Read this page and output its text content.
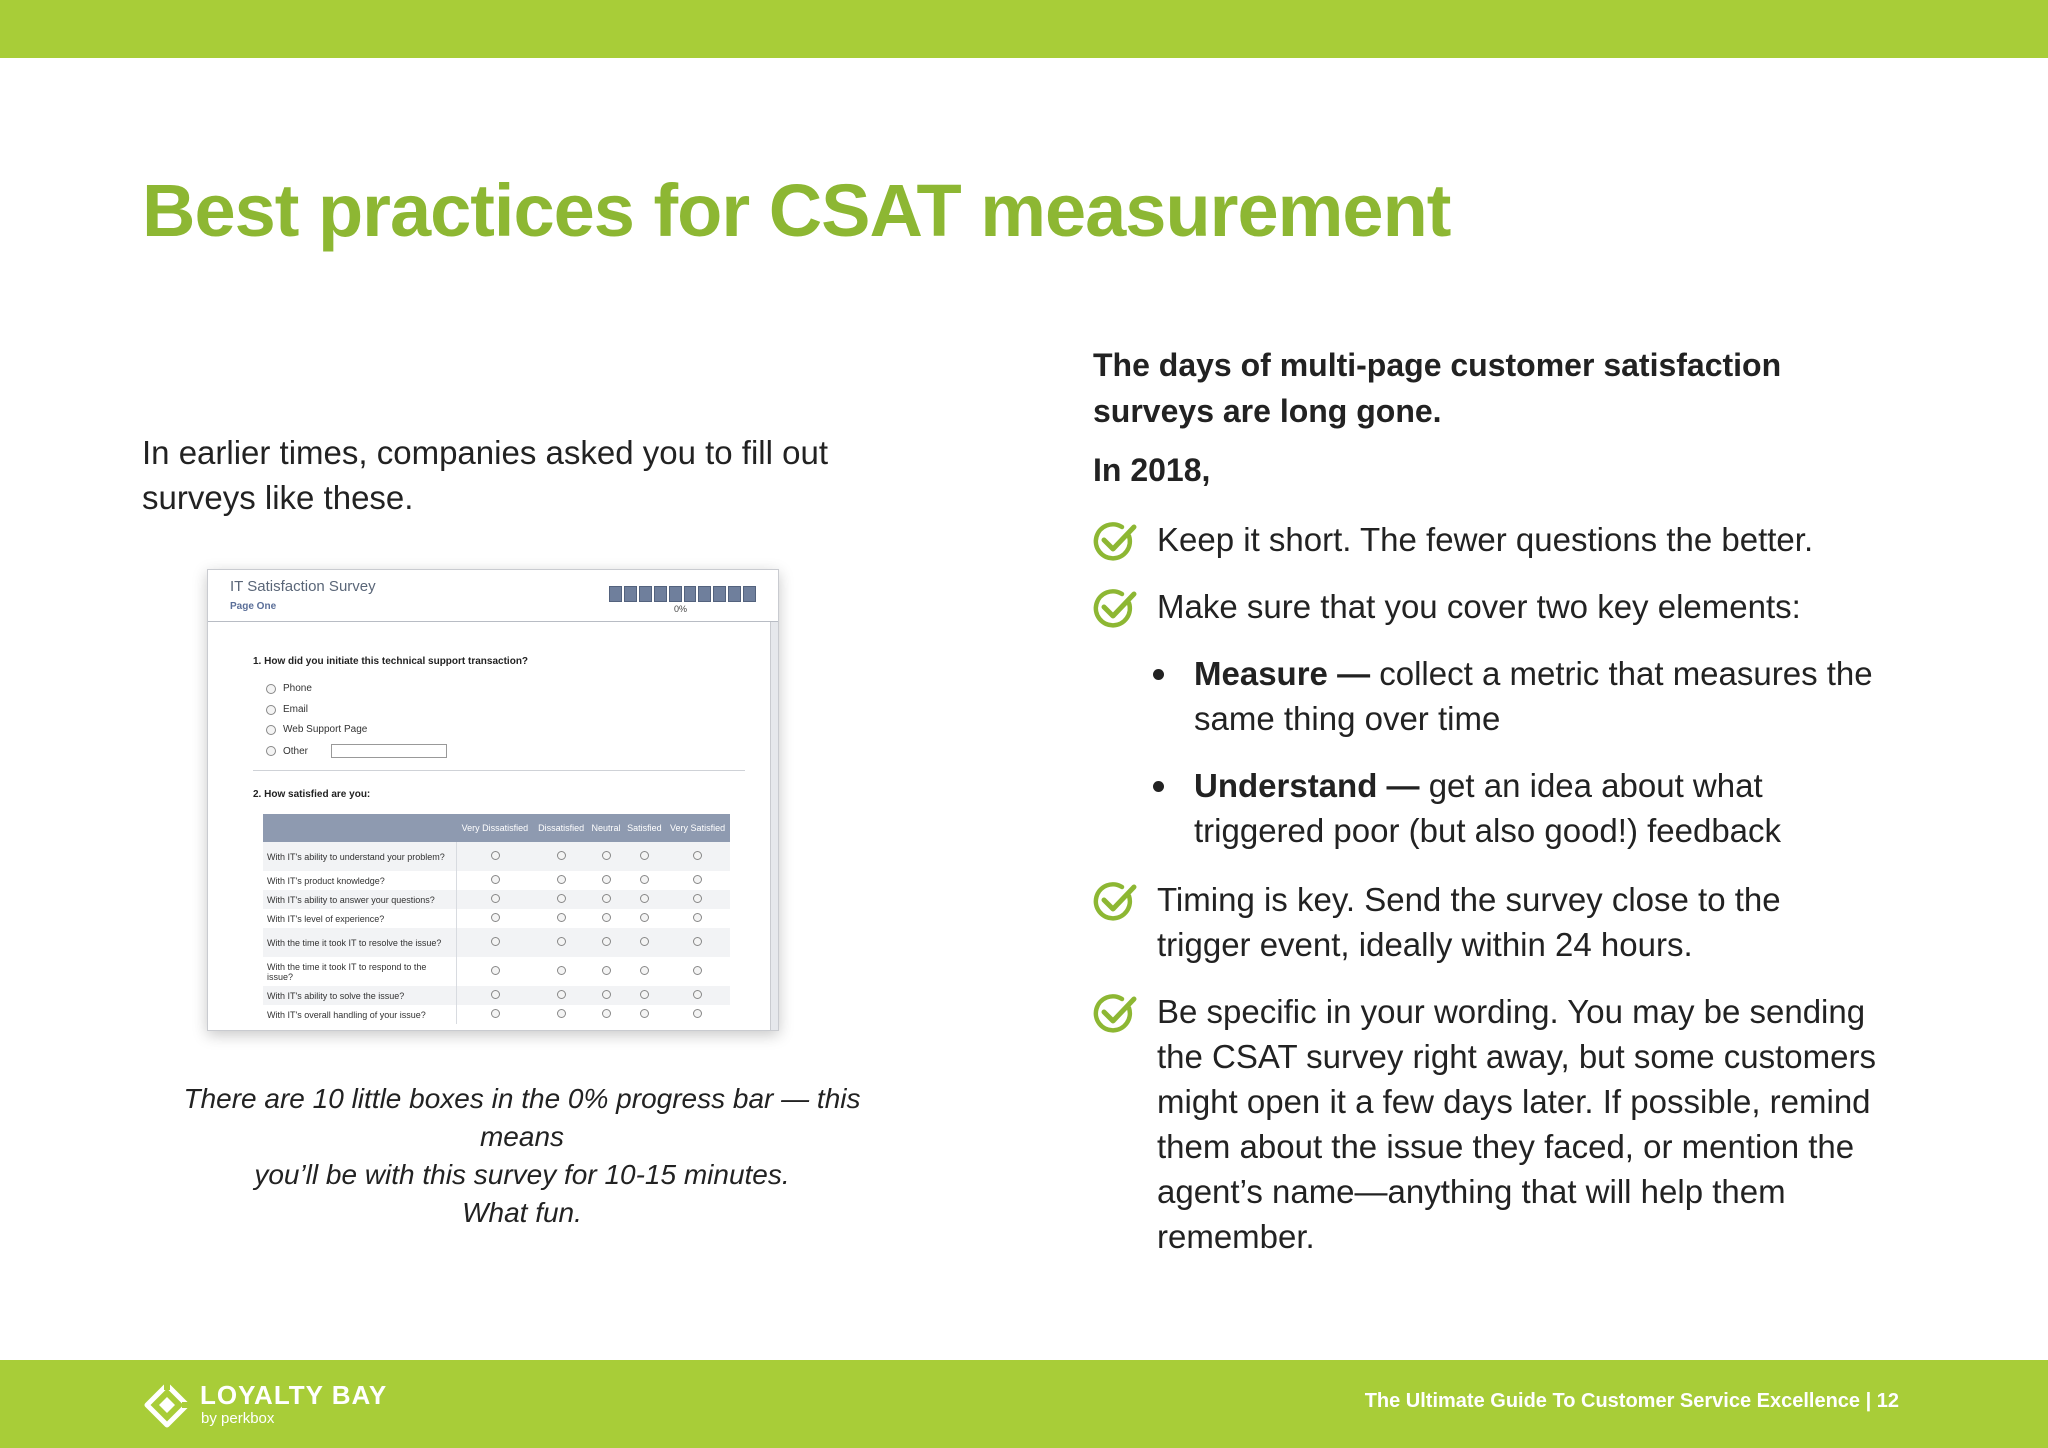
Best practices for CSAT measurement

In earlier times, companies asked you to fill out surveys like these.

IT Satisfaction Survey
Page One	0%
1. How did you initiate this technical support transaction?
Phone
Email
Web Support Page
Other
2. How satisfied are you:
	Very Dissatisfied	Dissatisfied	Neutral	Satisfied	Very Satisfied
With IT's ability to understand your problem?					
With IT's product knowledge?					
With IT's ability to answer your questions?					
With IT's level of experience?					
With the time it took IT to resolve the issue?					
With the time it took IT to respond to the issue?					
With IT's ability to solve the issue?					
With IT's overall handling of your issue?					
There are 10 little boxes in the 0% progress bar — this means
you’ll be with this survey for 10-15 minutes.
What fun.
The days of multi-page customer satisfaction surveys are long gone.
In 2018,
Keep it short. The fewer questions the better.
Make sure that you cover two key elements:
Measure — collect a metric that measures the same thing over time
Understand — get an idea about what triggered poor (but also good!) feedback
Timing is key. Send the survey close to the trigger event, ideally within 24 hours.
Be specific in your wording. You may be sending the CSAT survey right away, but some customers might open it a few days later. If possible, remind them about the issue they faced, or mention the agent’s name—anything that will help them remember.
LOYALTY BAY
by perkbox
The Ultimate Guide To Customer Service Excellence | 12
